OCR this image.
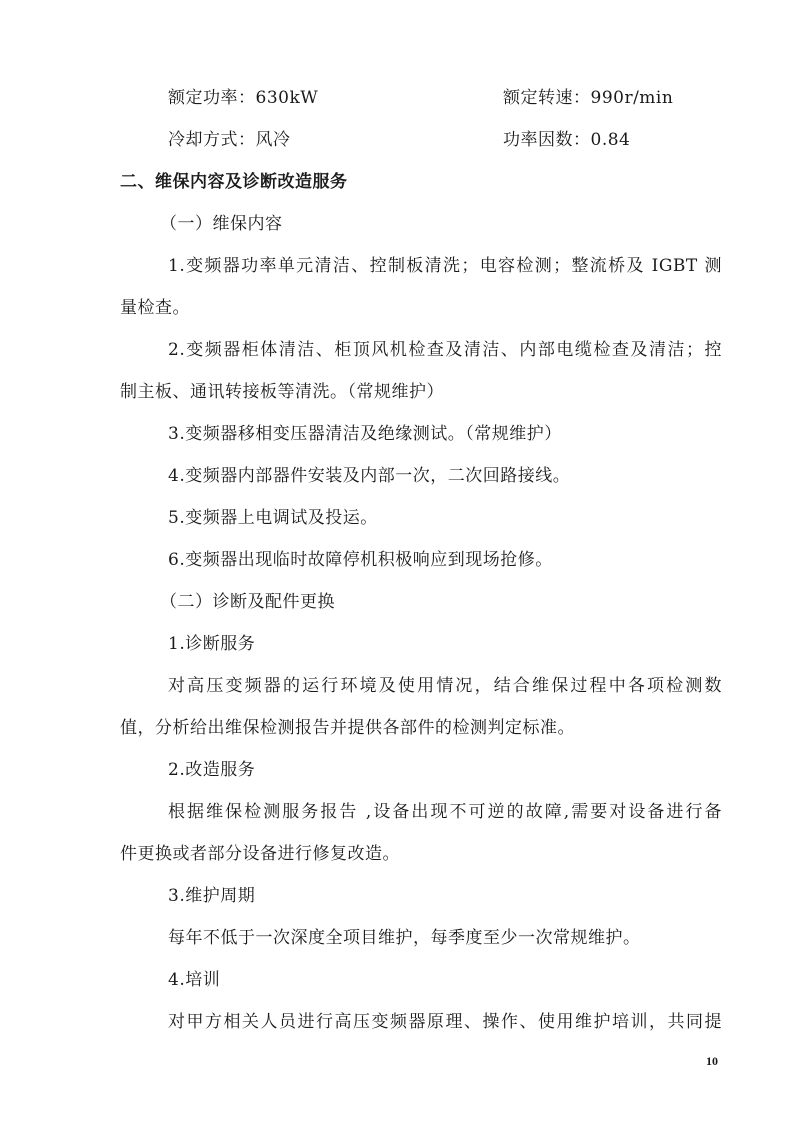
额定功率：630kW	额定转速：990r/min
冷却方式：风冷	功率因数：0.84
二、维保内容及诊断改造服务
（一）维保内容
1.变频器功率单元清洁、控制板清洗；电容检测；整流桥及 IGBT 测
量检查。
2.变频器柜体清洁、柜顶风机检查及清洁、内部电缆检查及清洁；控
制主板、通讯转接板等清洗。（常规维护）
3.变频器移相变压器清洁及绝缘测试。（常规维护）
4.变频器内部器件安装及内部一次，二次回路接线。
5.变频器上电调试及投运。
6.变频器出现临时故障停机积极响应到现场抢修。
（二）诊断及配件更换
1.诊断服务
对高压变频器的运行环境及使用情况，结合维保过程中各项检测数
值，分析给出维保检测报告并提供各部件的检测判定标准。
2.改造服务
根据维保检测服务报告 ,设备出现不可逆的故障,需要对设备进行备
件更换或者部分设备进行修复改造。
3.维护周期
每年不低于一次深度全项目维护，每季度至少一次常规维护。
4.培训
对甲方相关人员进行高压变频器原理、操作、使用维护培训，共同提
10
